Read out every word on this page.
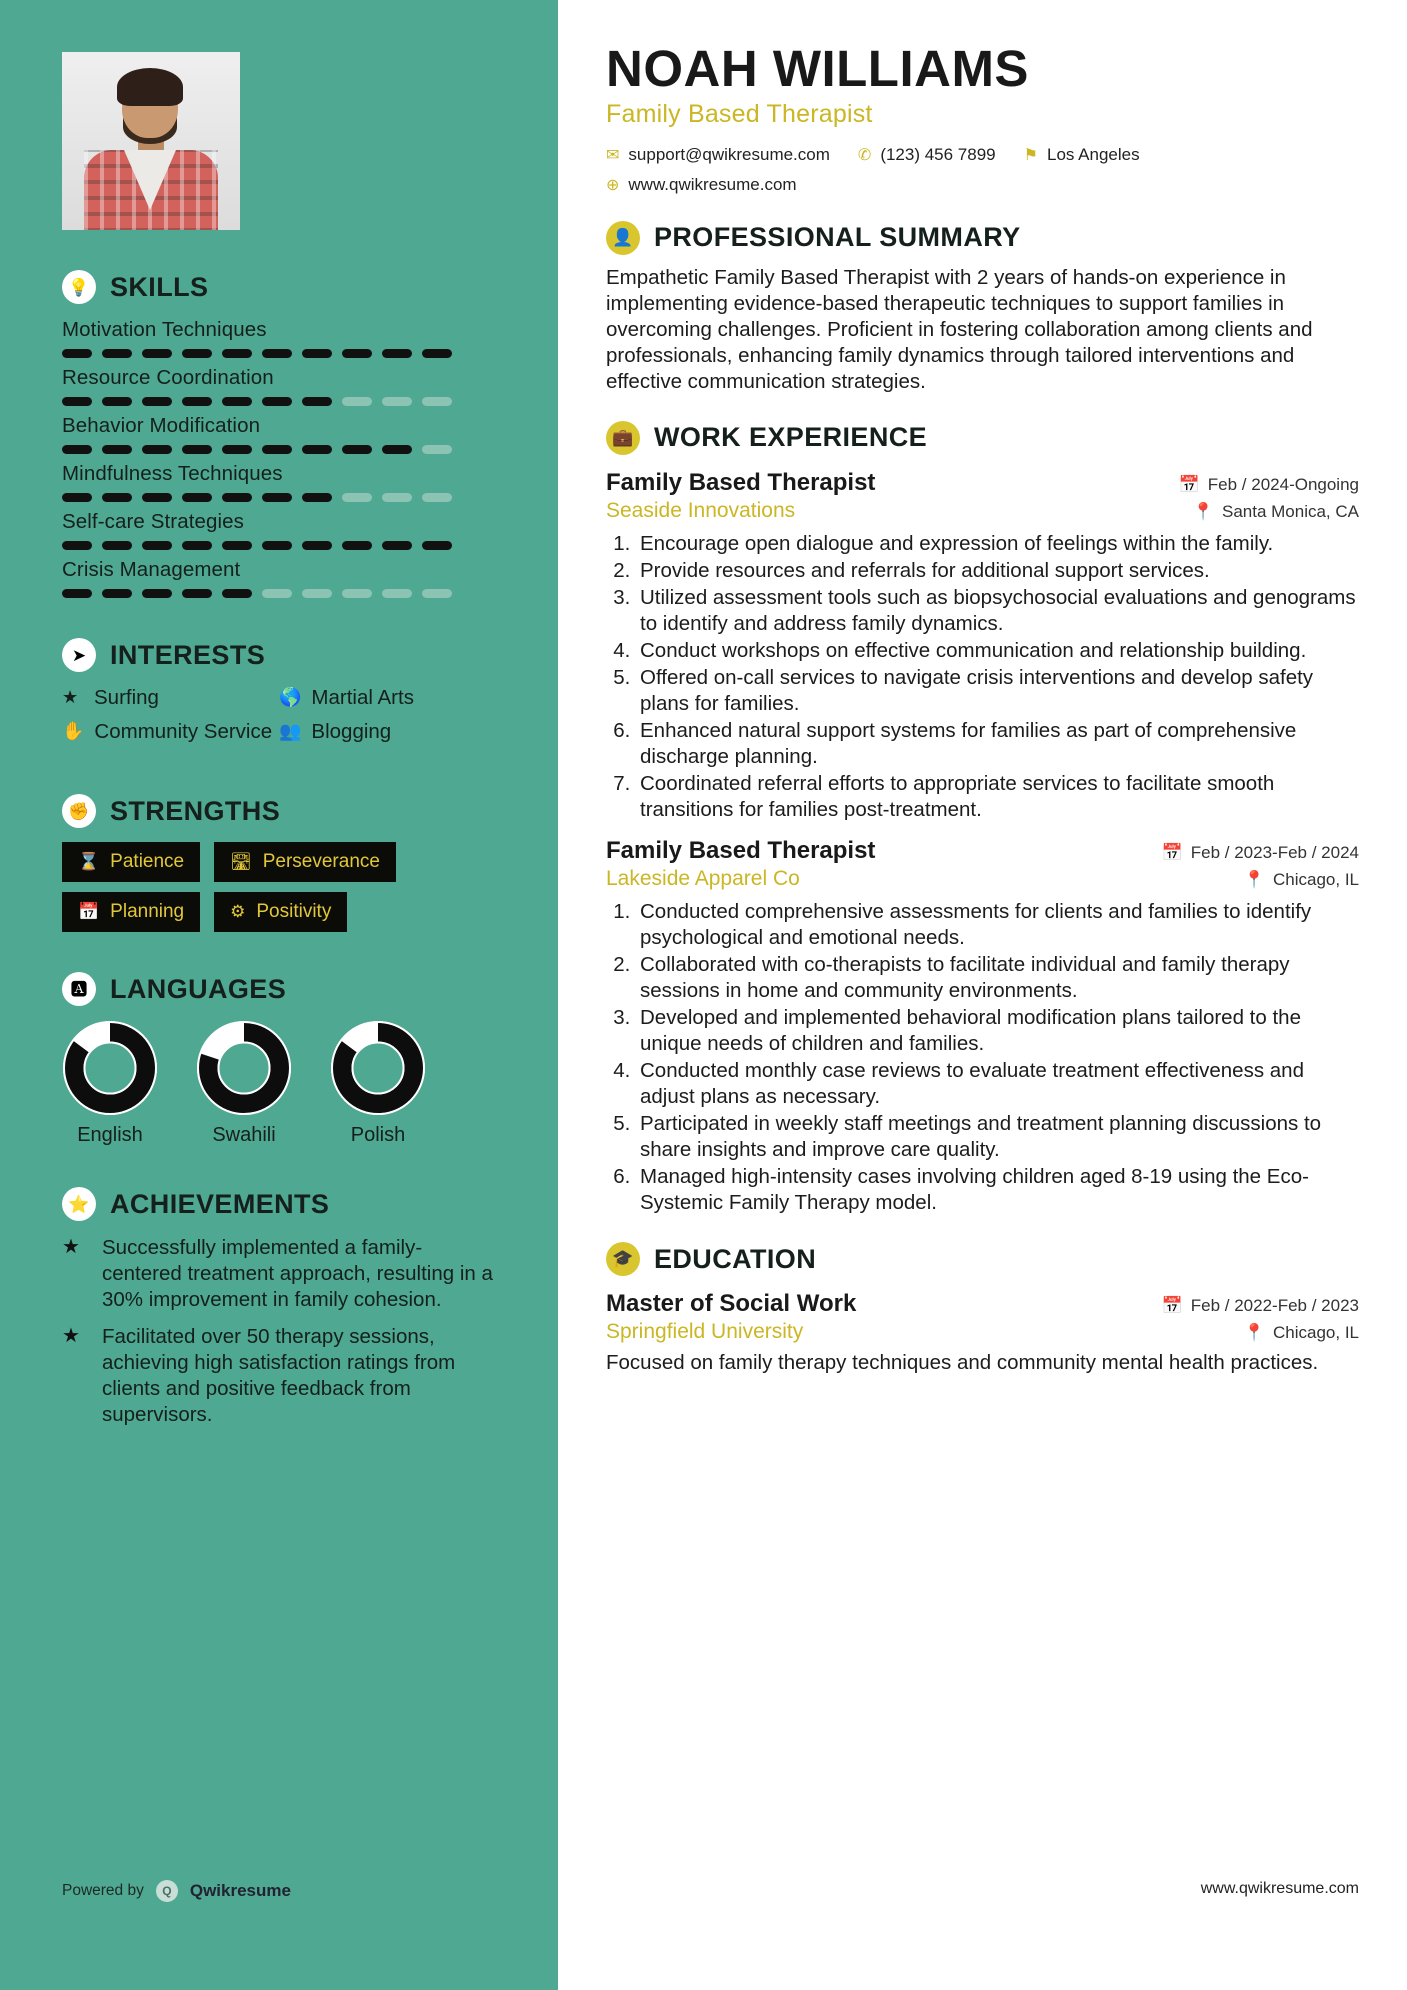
💡 SKILLS
Motivation Techniques
Resource Coordination
Behavior Modification
Mindfulness Techniques
Self-care Strategies
Crisis Management
➤ INTERESTS
★ Surfing	🌎 Martial Arts
✋ Community Service 👥 Blogging
✊ STRENGTHS
⌛ Patience	🛣 Perseverance
📅 Planning	⚙ Positivity
🅰 LANGUAGES
English	Swahili	Polish
⭐ ACHIEVEMENTS
★	Successfully implemented a family-centered treatment approach, resulting in a 30% improvement in family cohesion.
★	Facilitated over 50 therapy sessions, achieving high satisfaction ratings from clients and positive feedback from supervisors.
Powered by	Q	Qwikresume
NOAH WILLIAMS
Family Based Therapist
✉ support@qwikresume.com ✆ (123) 456 7899 ⚑ Los Angeles
⊕ www.qwikresume.com
👤 PROFESSIONAL SUMMARY

Empathetic Family Based Therapist with 2 years of hands-on experience in implementing evidence-based therapeutic techniques to support families in overcoming challenges. Proficient in fostering collaboration among clients and professionals, enhancing family dynamics through tailored interventions and effective communication strategies.

💼 WORK EXPERIENCE
Family Based Therapist	📅 Feb / 2024-Ongoing
Seaside Innovations	📍 Santa Monica, CA
1. Encourage open dialogue and expression of feelings within the family.
2. Provide resources and referrals for additional support services.
3. Utilized assessment tools such as biopsychosocial evaluations and genograms to identify and address family dynamics.
4. Conduct workshops on effective communication and relationship building.
5. Offered on-call services to navigate crisis interventions and develop safety plans for families.
6. Enhanced natural support systems for families as part of comprehensive discharge planning.
7. Coordinated referral efforts to appropriate services to facilitate smooth transitions for families post-treatment.
Family Based Therapist	📅 Feb / 2023-Feb / 2024
Lakeside Apparel Co	📍 Chicago, IL
1. Conducted comprehensive assessments for clients and families to identify psychological and emotional needs.
2. Collaborated with co-therapists to facilitate individual and family therapy sessions in home and community environments.
3. Developed and implemented behavioral modification plans tailored to the unique needs of children and families.
4. Conducted monthly case reviews to evaluate treatment effectiveness and adjust plans as necessary.
5. Participated in weekly staff meetings and treatment planning discussions to share insights and improve care quality.
6. Managed high-intensity cases involving children aged 8-19 using the Eco-Systemic Family Therapy model.
🎓 EDUCATION
Master of Social Work	📅 Feb / 2022-Feb / 2023
Springfield University	📍 Chicago, IL

Focused on family therapy techniques and community mental health practices.

www.qwikresume.com
